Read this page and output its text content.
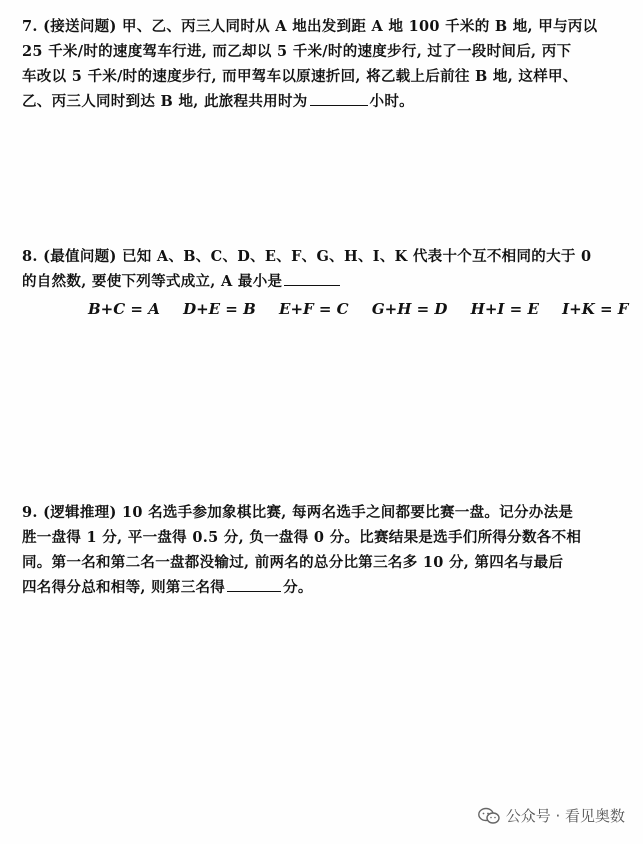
7. (接送问题) 甲、乙、丙三人同时从 A 地出发到距 A 地 100 千米的 B 地, 甲与丙以
25 千米/时的速度驾车行进, 而乙却以 5 千米/时的速度步行, 过了一段时间后, 丙下
车改以 5 千米/时的速度步行, 而甲驾车以原速折回, 将乙载上后前往 B 地, 这样甲、
乙、丙三人同时到达 B 地, 此旅程共用时为	小时。
8. (最值问题) 已知 A、B、C、D、E、F、G、H、I、K 代表十个互不相同的大于 0
的自然数, 要使下列等式成立, A 最小是
B+C = A D+E = B E+F = C G+H = D H+I = E I+K = F
9. (逻辑推理) 10 名选手参加象棋比赛, 每两名选手之间都要比赛一盘。记分办法是
胜一盘得 1 分, 平一盘得 0.5 分, 负一盘得 0 分。比赛结果是选手们所得分数各不相
同。第一名和第二名一盘都没输过, 前两名的总分比第三名多 10 分, 第四名与最后
四名得分总和相等, 则第三名得	分。
公众号 · 看见奥数
